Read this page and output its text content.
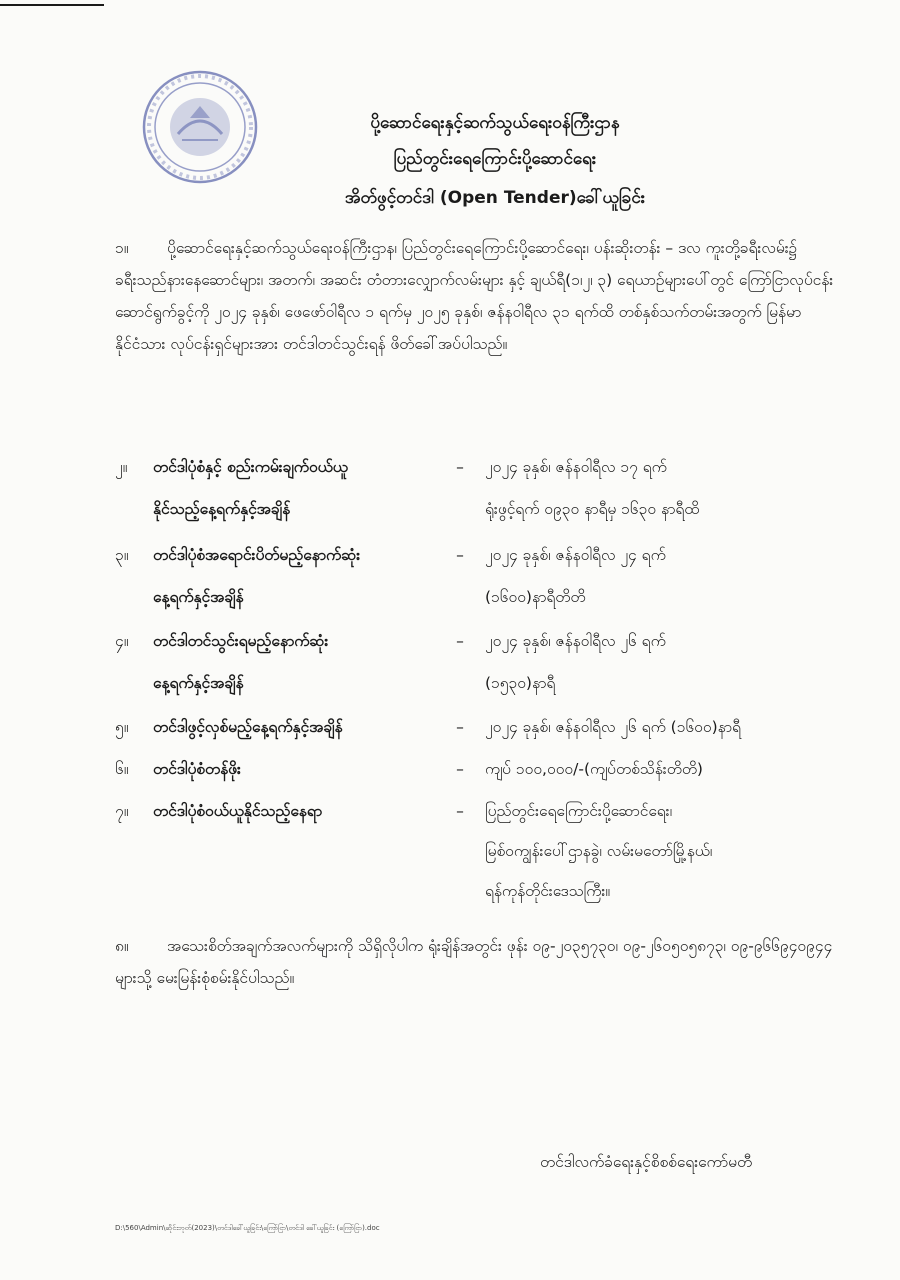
ပို့ဆောင်ရေးနှင့်ဆက်သွယ်ရေးဝန်ကြီးဌာန

ပြည်တွင်းရေကြောင်းပို့ဆောင်ရေး

အိတ်ဖွင့်တင်ဒါ (Open Tender)ခေါ်ယူခြင်း

၁။ ပို့ဆောင်ရေးနှင့်ဆက်သွယ်ရေးဝန်ကြီးဌာန၊ ပြည်တွင်းရေကြောင်းပို့ဆောင်ရေး၊ ပန်းဆိုးတန်း – ဒလ ကူးတို့ခရီးလမ်း၌ ခရီးသည်နားနေဆောင်များ၊ အတက်၊ အဆင်း တံတားလျှောက်လမ်းများ နှင့် ချယ်ရီ(၁၊၂၊ ၃) ရေယာဉ်များပေါ်တွင် ကြော်ငြာလုပ်ငန်း ဆောင်ရွက်ခွင့်ကို ၂၀၂၄ ခုနှစ်၊ ဖေဖော်ဝါရီလ ၁ ရက်မှ ၂၀၂၅ ခုနှစ်၊ ဇန်နဝါရီလ ၃၁ ရက်ထိ တစ်နှစ်သက်တမ်းအတွက် မြန်မာ နိုင်ငံသား လုပ်ငန်းရှင်များအား တင်ဒါတင်သွင်းရန် ဖိတ်ခေါ်အပ်ပါသည်။

၂။	တင်ဒါပုံစံနှင့် စည်းကမ်းချက်ဝယ်ယူ	–	၂၀၂၄ ခုနှစ်၊ ဇန်နဝါရီလ ၁၇ ရက်
နိုင်သည့်နေ့ရက်နှင့်အချိန်	ရုံးဖွင့်ရက် ၀၉၃၀ နာရီမှ ၁၆၃၀ နာရီထိ
၃။	တင်ဒါပုံစံအရောင်းပိတ်မည့်နောက်ဆုံး	–	၂၀၂၄ ခုနှစ်၊ ဇန်နဝါရီလ ၂၄ ရက်
နေ့ရက်နှင့်အချိန်	(၁၆၀၀)နာရီတိတိ
၄။	တင်ဒါတင်သွင်းရမည့်နောက်ဆုံး	–	၂၀၂၄ ခုနှစ်၊ ဇန်နဝါရီလ ၂၆ ရက်
နေ့ရက်နှင့်အချိန်	(၁၅၃၀)နာရီ
၅။	တင်ဒါဖွင့်လှစ်မည့်နေ့ရက်နှင့်အချိန်	–	၂၀၂၄ ခုနှစ်၊ ဇန်နဝါရီလ ၂၆ ရက် (၁၆၀၀)နာရီ
၆။	တင်ဒါပုံစံတန်ဖိုး	–	ကျပ် ၁၀၀,၀၀၀/-(ကျပ်တစ်သိန်းတိတိ)
၇။	တင်ဒါပုံစံဝယ်ယူနိုင်သည့်နေရာ	–	ပြည်တွင်းရေကြောင်းပို့ဆောင်ရေး၊
မြစ်ဝကျွန်းပေါ်ဌာနခွဲ၊ လမ်းမတော်မြို့နယ်၊
ရန်ကုန်တိုင်းဒေသကြီး။

၈။ အသေးစိတ်အချက်အလက်များကို သိရှိလိုပါက ရုံးချိန်အတွင်း ဖုန်း ၀၉-၂၀၃၅၇၃၀၊ ၀၉-၂၆၀၅၀၅၈၇၃၊ ၀၉-၉၆၆၉၄၀၉၄၄ များသို့ မေးမြန်းစုံစမ်းနိုင်ပါသည်။

တင်ဒါလက်ခံရေးနှင့်စိစစ်ရေးကော်မတီ
D:\560\Admin\ဆိုင်းဘုတ်(2023)\တင်ဒါခေါ်ယူခြင်း\ကြော်ငြာ\တင်ဒါ ခေါ်ယူခြင်း (ကြော်ငြာ).doc
